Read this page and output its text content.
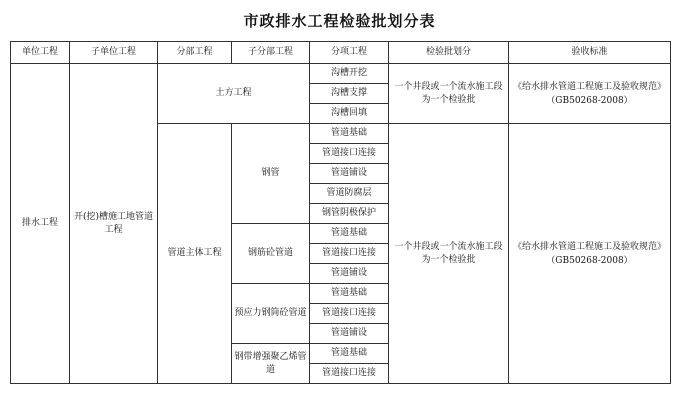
市政排水工程检验批划分表
单位工程	子单位工程	分部工程	子分部工程	分项工程	检验批划分	验收标准
排水工程	开(挖)槽施工地管道工程	土方工程		沟槽开挖	一个井段或一个流水施工段为一个检验批	《给水排水管道工程施工及验收规范》
（GB50268-2008）
				沟槽支撑		
				沟槽回填		
		管道主体工程	钢管	管道基础	一个井段或一个流水施工段为一个检验批	《给水排水管道工程施工及验收规范》
（GB50268-2008）
				管道接口连接		
				管道铺设		
				管道防腐层		
				钢管阴极保护		
			钢筋砼管道	管道基础		
				管道接口连接		
				管道铺设		
			预应力钢筒砼管道	管道基础		
				管道接口连接		
				管道铺设		
			钢带增强聚乙烯管道	管道基础		
				管道接口连接		
